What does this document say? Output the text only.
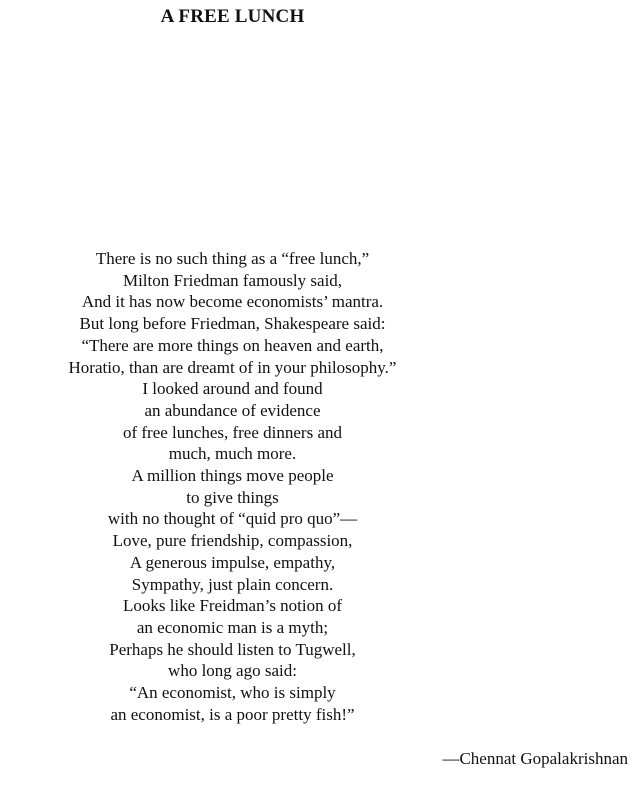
A FREE LUNCH
There is no such thing as a “free lunch,”
Milton Friedman famously said,
And it has now become economists’ mantra.
But long before Friedman, Shakespeare said:
“There are more things on heaven and earth,
Horatio, than are dreamt of in your philosophy.”
I looked around and found
an abundance of evidence
of free lunches, free dinners and
much, much more.
A million things move people
to give things
with no thought of “quid pro quo”—
Love, pure friendship, compassion,
A generous impulse, empathy,
Sympathy, just plain concern.
Looks like Freidman’s notion of
an economic man is a myth;
Perhaps he should listen to Tugwell,
who long ago said:
“An economist, who is simply
an economist, is a poor pretty fish!”
—Chennat Gopalakrishnan
